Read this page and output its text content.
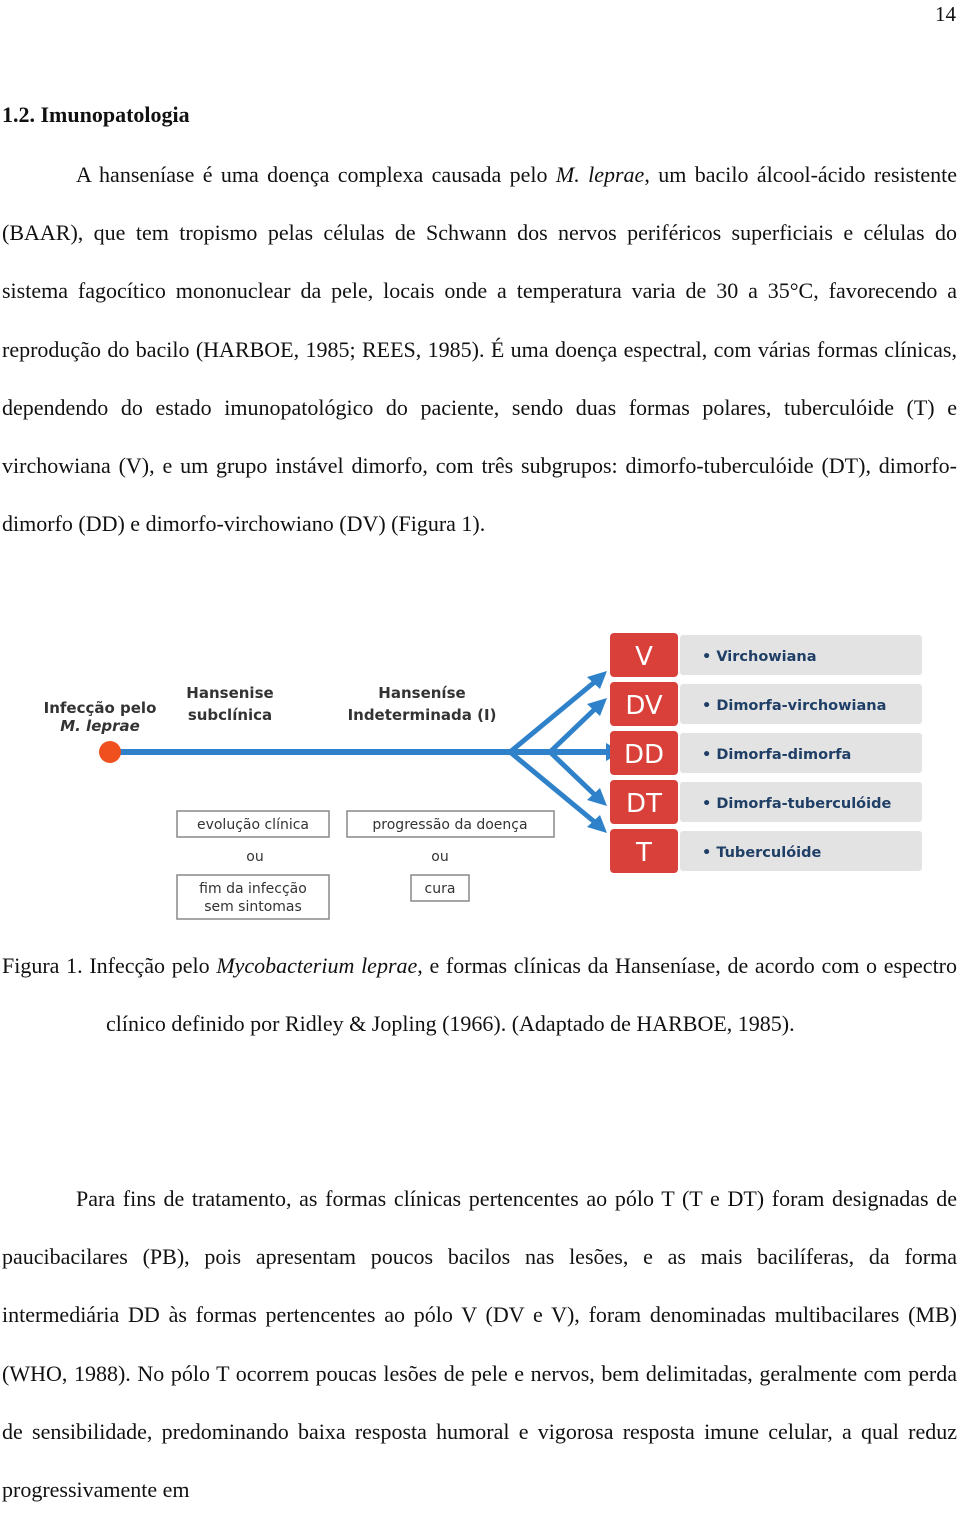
14
1.2. Imunopatologia

A hanseníase é uma doença complexa causada pelo M. leprae, um bacilo álcool-ácido resistente (BAAR), que tem tropismo pelas células de Schwann dos nervos periféricos superficiais e células do sistema fagocítico mononuclear da pele, locais onde a temperatura varia de 30 a 35°C, favorecendo a reprodução do bacilo (HARBOE, 1985; REES, 1985). É uma doença espectral, com várias formas clínicas, dependendo do estado imunopatológico do paciente, sendo duas formas polares, tuberculóide (T) e virchowiana (V), e um grupo instável dimorfo, com três subgrupos: dimorfo-tuberculóide (DT), dimorfo-dimorfo (DD) e dimorfo-virchowiano (DV) (Figura 1).

Infecção pelo
M. leprae
Hansenise
subclínica
Hanseníse
Indeterminada (I)
evolução clínica	progressão da doença
ou	ou
fim da infecção
sem sintomas
cura
V	• Virchowiana
DV	• Dimorfa-virchowiana
DD	• Dimorfa-dimorfa
DT	• Dimorfa-tuberculóide
T	• Tuberculóide

Figura 1. Infecção pelo Mycobacterium leprae, e formas clínicas da Hanseníase, de acordo com o espectro clínico definido por Ridley & Jopling (1966). (Adaptado de HARBOE, 1985).

Para fins de tratamento, as formas clínicas pertencentes ao pólo T (T e DT) foram designadas de paucibacilares (PB), pois apresentam poucos bacilos nas lesões, e as mais bacilíferas, da forma intermediária DD às formas pertencentes ao pólo V (DV e V), foram denominadas multibacilares (MB) (WHO, 1988). No pólo T ocorrem poucas lesões de pele e nervos, bem delimitadas, geralmente com perda de sensibilidade, predominando baixa resposta humoral e vigorosa resposta imune celular, a qual reduz progressivamente em
